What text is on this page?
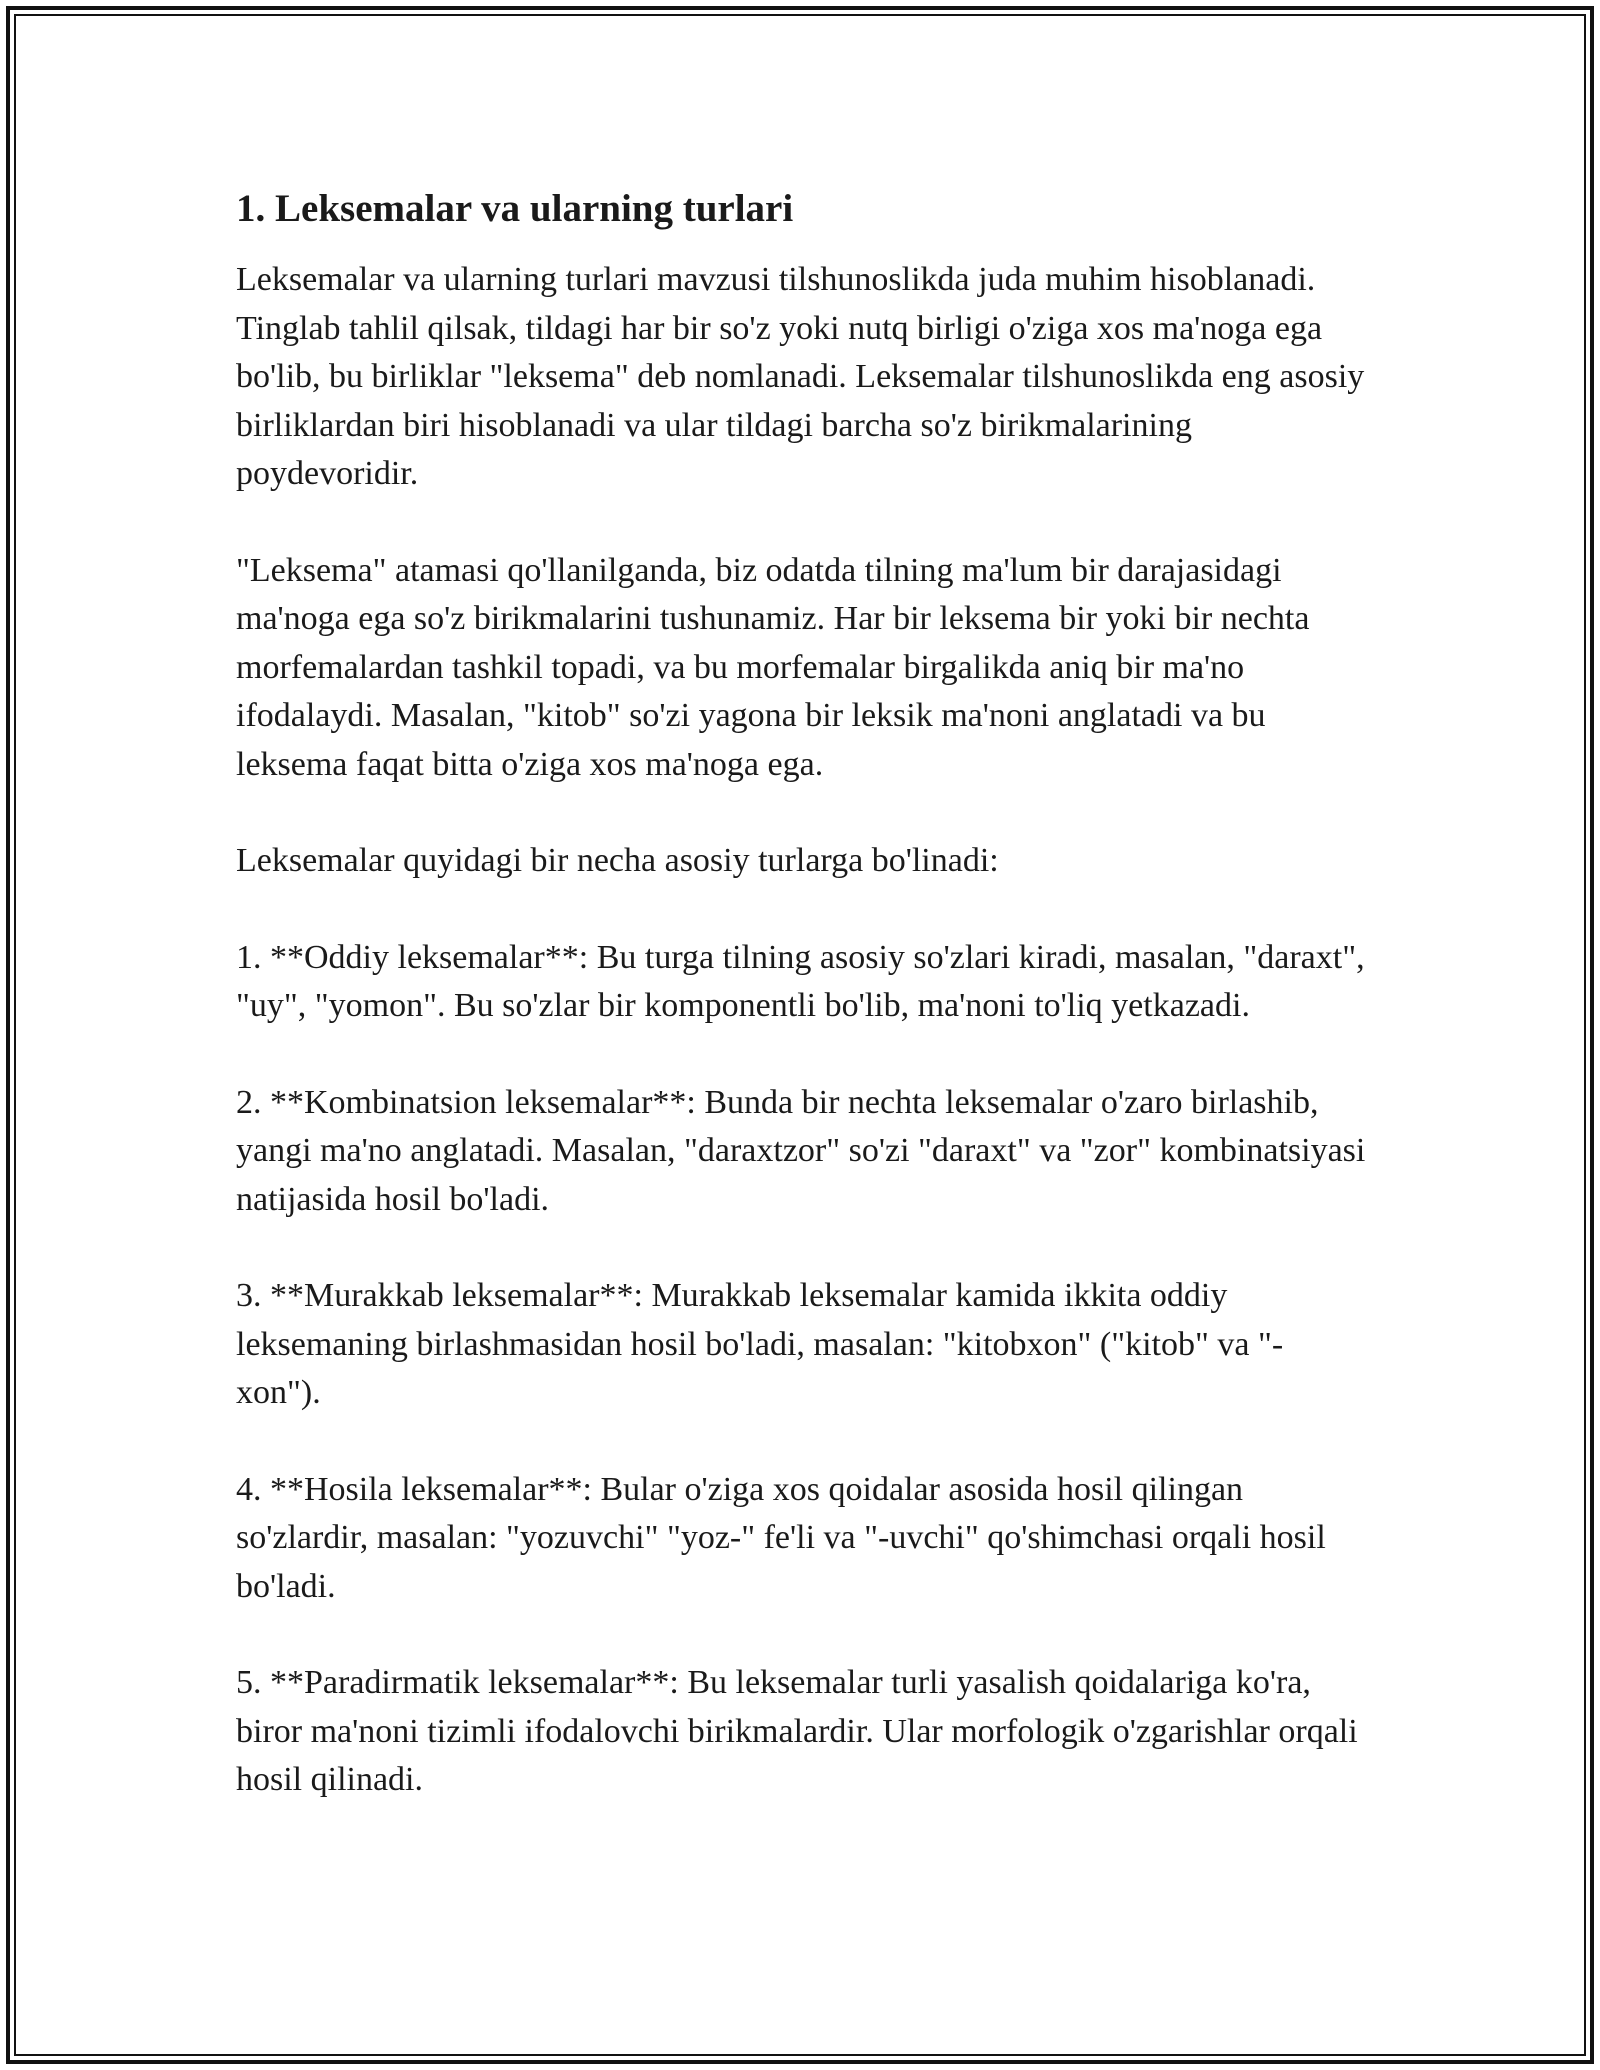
1. Leksemalar va ularning turlari

Leksemalar va ularning turlari mavzusi tilshunoslikda juda muhim hisoblanadi. Tinglab tahlil qilsak, tildagi har bir so'z yoki nutq birligi o'ziga xos ma'noga ega bo'lib, bu birliklar "leksema" deb nomlanadi. Leksemalar tilshunoslikda eng asosiy birliklardan biri hisoblanadi va ular tildagi barcha so'z birikmalarining poydevoridir.

"Leksema" atamasi qo'llanilganda, biz odatda tilning ma'lum bir darajasidagi ma'noga ega so'z birikmalarini tushunamiz. Har bir leksema bir yoki bir nechta morfemalardan tashkil topadi, va bu morfemalar birgalikda aniq bir ma'no ifodalaydi. Masalan, "kitob" so'zi yagona bir leksik ma'noni anglatadi va bu leksema faqat bitta o'ziga xos ma'noga ega.

Leksemalar quyidagi bir necha asosiy turlarga bo'linadi:

1. **Oddiy leksemalar**: Bu turga tilning asosiy so'zlari kiradi, masalan, "daraxt", "uy", "yomon". Bu so'zlar bir komponentli bo'lib, ma'noni to'liq yetkazadi.

2. **Kombinatsion leksemalar**: Bunda bir nechta leksemalar o'zaro birlashib, yangi ma'no anglatadi. Masalan, "daraxtzor" so'zi "daraxt" va "zor" kombinatsiyasi natijasida hosil bo'ladi.

3. **Murakkab leksemalar**: Murakkab leksemalar kamida ikkita oddiy leksemaning birlashmasidan hosil bo'ladi, masalan: "kitobxon" ("kitob" va "-xon").

4. **Hosila leksemalar**: Bular o'ziga xos qoidalar asosida hosil qilingan so'zlardir, masalan: "yozuvchi" "yoz-" fe'li va "-uvchi" qo'shimchasi orqali hosil bo'ladi.

5. **Paradirmatik leksemalar**: Bu leksemalar turli yasalish qoidalariga ko'ra, biror ma'noni tizimli ifodalovchi birikmalardir. Ular morfologik o'zgarishlar orqali hosil qilinadi.
